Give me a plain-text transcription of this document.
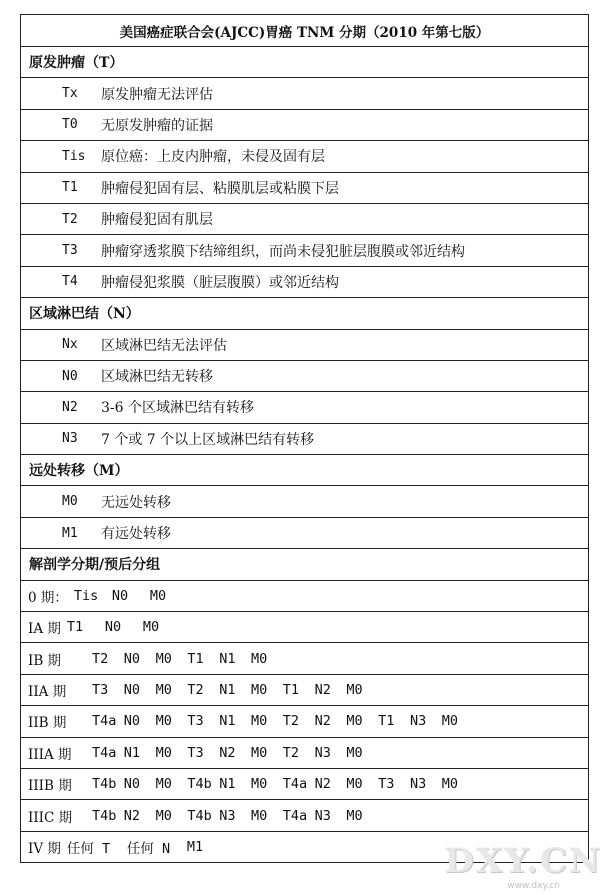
美国癌症联合会(AJCC)胃癌 TNM 分期（2010 年第七版）
原发肿瘤（T）
Tx	原发肿瘤无法评估
T0	无原发肿瘤的证据
Tis	原位癌：上皮内肿瘤，未侵及固有层
T1	肿瘤侵犯固有层、粘膜肌层或粘膜下层
T2	肿瘤侵犯固有肌层
T3	肿瘤穿透浆膜下结缔组织，而尚未侵犯脏层腹膜或邻近结构
T4	肿瘤侵犯浆膜（脏层腹膜）或邻近结构
区域淋巴结（N）
Nx	区域淋巴结无法评估
N0	区域淋巴结无转移
N2	3-6 个区域淋巴结有转移
N3	7 个或 7 个以上区域淋巴结有转移
远处转移（M）
M0	无远处转移
M1	有远处转移
解剖学分期/预后分组
0 期： Tis	N0	M0
IA 期 T1	N0	M0
IB 期	T2	N0	M0	T1	N1	M0
IIA 期	T3	N0	M0	T2	N1	M0	T1	N2	M0
IIB 期	T4a N0	M0	T3	N1	M0	T2	N2	M0	T1	N3	M0
IIIA 期	T4a N1	M0	T3	N2	M0	T2	N3	M0
IIIB 期	T4b N0	M0	T4b N1	M0	T4a N2	M0	T3	N3	M0
IIIC 期	T4b N2	M0	T4b N3	M0	T4a N3	M0
IV 期 任何 T	任何 N	M1	DXY.CN
www.dxy.cn
